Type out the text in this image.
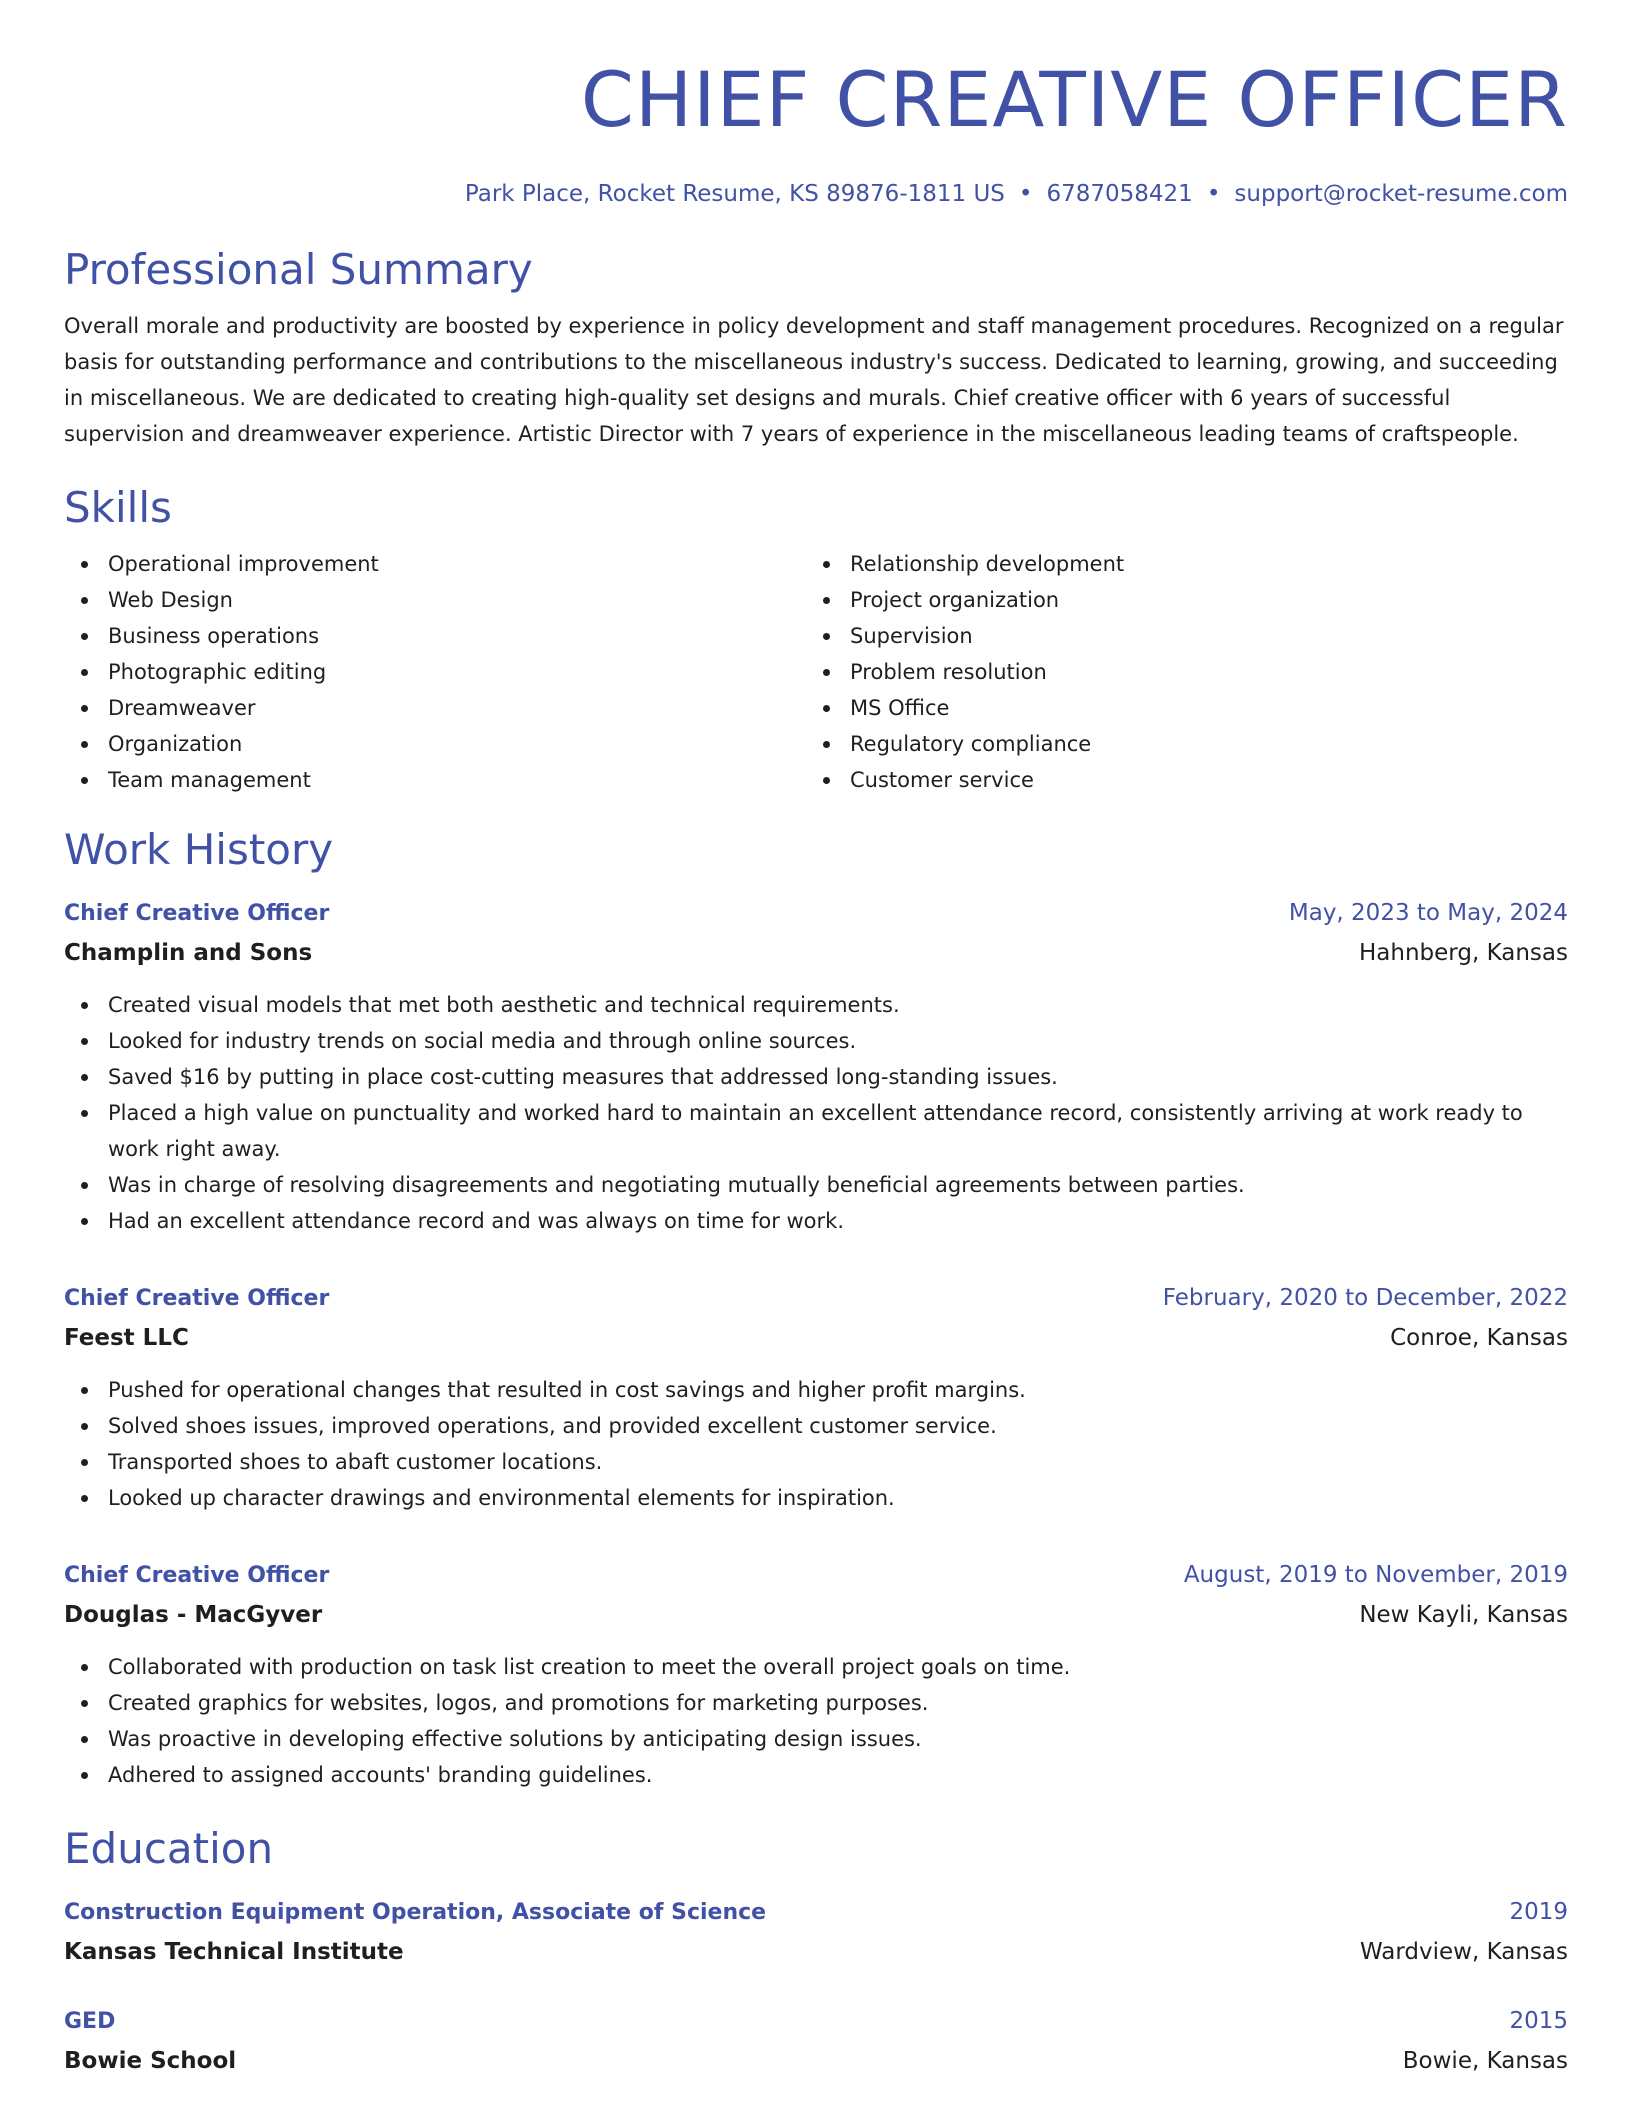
CHIEF CREATIVE OFFICER
Park Place, Rocket Resume, KS 89876-1811 US • 6787058421 • support@rocket-resume.com
Professional Summary

Overall morale and productivity are boosted by experience in policy development and staff management procedures. Recognized on a regular basis for outstanding performance and contributions to the miscellaneous industry's success. Dedicated to learning, growing, and succeeding in miscellaneous. We are dedicated to creating high-quality set designs and murals. Chief creative officer with 6 years of successful supervision and dreamweaver experience. Artistic Director with 7 years of experience in the miscellaneous leading teams of craftspeople.

Skills
Operational improvement
Web Design
Business operations
Photographic editing
Dreamweaver
Organization
Team management
Relationship development
Project organization
Supervision
Problem resolution
MS Office
Regulatory compliance
Customer service
Work History
Chief Creative Officer	May, 2023 to May, 2024
Champlin and Sons	Hahnberg, Kansas
Created visual models that met both aesthetic and technical requirements.
Looked for industry trends on social media and through online sources.
Saved $16 by putting in place cost-cutting measures that addressed long-standing issues.
Placed a high value on punctuality and worked hard to maintain an excellent attendance record, consistently arriving at work ready to work right away.
Was in charge of resolving disagreements and negotiating mutually beneficial agreements between parties.
Had an excellent attendance record and was always on time for work.
Chief Creative Officer	February, 2020 to December, 2022
Feest LLC	Conroe, Kansas
Pushed for operational changes that resulted in cost savings and higher profit margins.
Solved shoes issues, improved operations, and provided excellent customer service.
Transported shoes to abaft customer locations.
Looked up character drawings and environmental elements for inspiration.
Chief Creative Officer	August, 2019 to November, 2019
Douglas - MacGyver	New Kayli, Kansas
Collaborated with production on task list creation to meet the overall project goals on time.
Created graphics for websites, logos, and promotions for marketing purposes.
Was proactive in developing effective solutions by anticipating design issues.
Adhered to assigned accounts' branding guidelines.
Education
Construction Equipment Operation, Associate of Science	2019
Kansas Technical Institute	Wardview, Kansas
GED	2015
Bowie School	Bowie, Kansas
